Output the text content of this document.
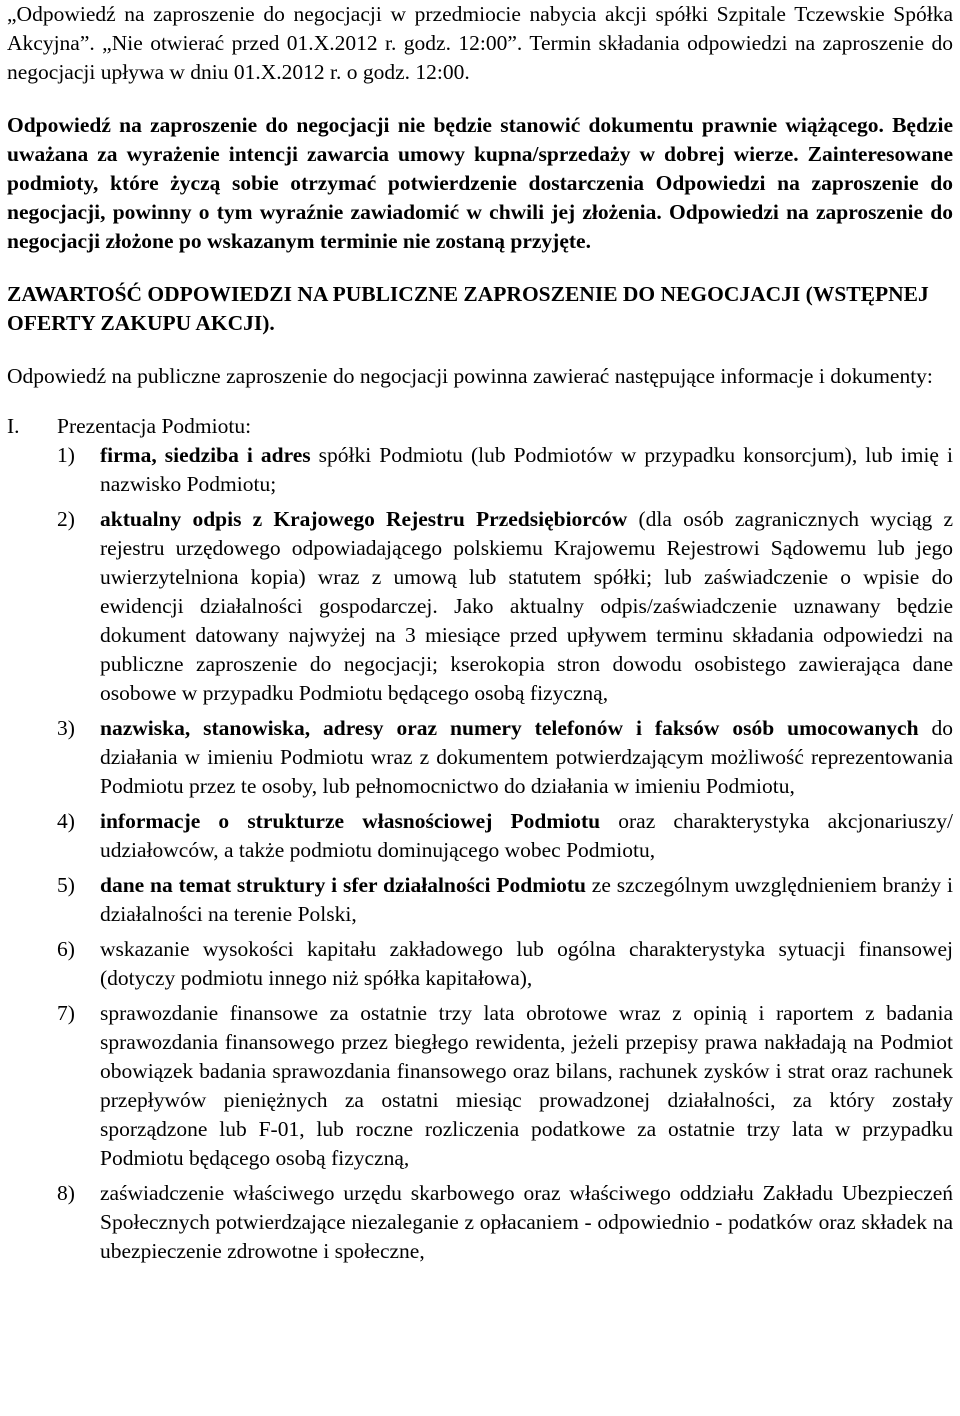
„Odpowiedź na zaproszenie do negocjacji w przedmiocie nabycia akcji spółki Szpitale Tczewskie Spółka Akcyjna”. „Nie otwierać przed 01.X.2012 r. godz. 12:00”. Termin składania odpowiedzi na zaproszenie do negocjacji upływa w dniu 01.X.2012 r. o godz. 12:00.

Odpowiedź na zaproszenie do negocjacji nie będzie stanowić dokumentu prawnie wiążącego. Będzie uważana za wyrażenie intencji zawarcia umowy kupna/sprzedaży w dobrej wierze. Zainteresowane podmioty, które życzą sobie otrzymać potwierdzenie dostarczenia Odpowiedzi na zaproszenie do negocjacji, powinny o tym wyraźnie zawiadomić w chwili jej złożenia. Odpowiedzi na zaproszenie do negocjacji złożone po wskazanym terminie nie zostaną przyjęte.

ZAWARTOŚĆ ODPOWIEDZI NA PUBLICZNE ZAPROSZENIE DO NEGOCJACJI (WSTĘPNEJ OFERTY ZAKUPU AKCJI).

Odpowiedź na publiczne zaproszenie do negocjacji powinna zawierać następujące informacje i dokumenty:

I.	Prezentacja Podmiotu:
1)	firma, siedziba i adres spółki Podmiotu (lub Podmiotów w przypadku konsorcjum), lub imię i nazwisko Podmiotu;
2)	aktualny odpis z Krajowego Rejestru Przedsiębiorców (dla osób zagranicznych wyciąg z rejestru urzędowego odpowiadającego polskiemu Krajowemu Rejestrowi Sądowemu lub jego uwierzytelniona kopia) wraz z umową lub statutem spółki; lub zaświadczenie o wpisie do ewidencji działalności gospodarczej. Jako aktualny odpis/zaświadczenie uznawany będzie dokument datowany najwyżej na 3 miesiące przed upływem terminu składania odpowiedzi na publiczne zaproszenie do negocjacji; kserokopia stron dowodu osobistego zawierająca dane osobowe w przypadku Podmiotu będącego osobą fizyczną,
3)	nazwiska, stanowiska, adresy oraz numery telefonów i faksów osób umocowanych do działania w imieniu Podmiotu wraz z dokumentem potwierdzającym możliwość reprezentowania Podmiotu przez te osoby, lub pełnomocnictwo do działania w imieniu Podmiotu,
4)	informacje o strukturze własnościowej Podmiotu oraz charakterystyka akcjonariuszy/ udziałowców, a także podmiotu dominującego wobec Podmiotu,
5)	dane na temat struktury i sfer działalności Podmiotu ze szczególnym uwzględnieniem branży i działalności na terenie Polski,
6)	wskazanie wysokości kapitału zakładowego lub ogólna charakterystyka sytuacji finansowej (dotyczy podmiotu innego niż spółka kapitałowa),
7)	sprawozdanie finansowe za ostatnie trzy lata obrotowe wraz z opinią i raportem z badania sprawozdania finansowego przez biegłego rewidenta, jeżeli przepisy prawa nakładają na Podmiot obowiązek badania sprawozdania finansowego oraz bilans, rachunek zysków i strat oraz rachunek przepływów pieniężnych za ostatni miesiąc prowadzonej działalności, za który zostały sporządzone lub F-01, lub roczne rozliczenia podatkowe za ostatnie trzy lata w przypadku Podmiotu będącego osobą fizyczną,
8)	zaświadczenie właściwego urzędu skarbowego oraz właściwego oddziału Zakładu Ubezpieczeń Społecznych potwierdzające niezaleganie z opłacaniem - odpowiednio - podatków oraz składek na ubezpieczenie zdrowotne i społeczne,
